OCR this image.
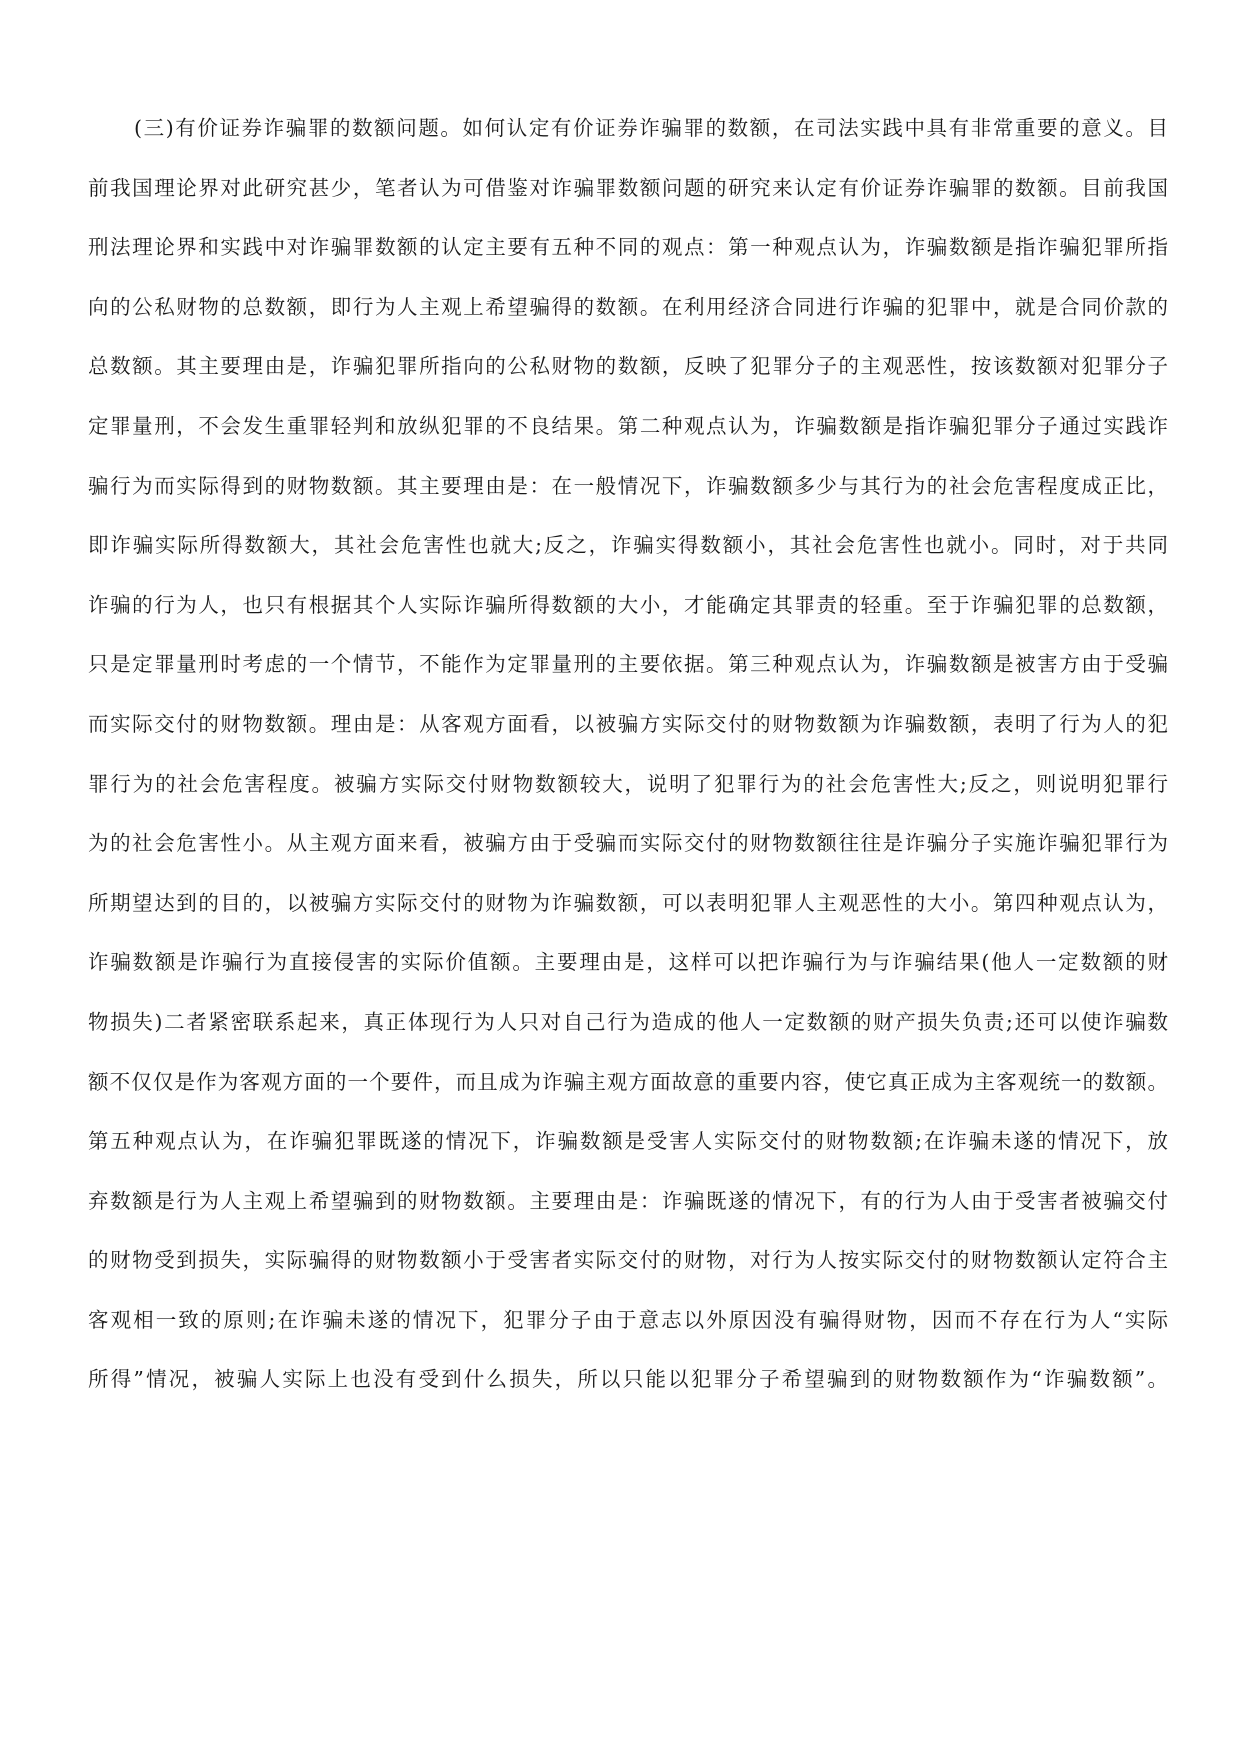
(三)有价证券诈骗罪的数额问题。如何认定有价证券诈骗罪的数额，在司法实践中具有非常重要的意义。目
前我国理论界对此研究甚少，笔者认为可借鉴对诈骗罪数额问题的研究来认定有价证券诈骗罪的数额。目前我国
刑法理论界和实践中对诈骗罪数额的认定主要有五种不同的观点：第一种观点认为，诈骗数额是指诈骗犯罪所指
向的公私财物的总数额，即行为人主观上希望骗得的数额。在利用经济合同进行诈骗的犯罪中，就是合同价款的
总数额。其主要理由是，诈骗犯罪所指向的公私财物的数额，反映了犯罪分子的主观恶性，按该数额对犯罪分子
定罪量刑，不会发生重罪轻判和放纵犯罪的不良结果。第二种观点认为，诈骗数额是指诈骗犯罪分子通过实践诈
骗行为而实际得到的财物数额。其主要理由是：在一般情况下，诈骗数额多少与其行为的社会危害程度成正比，
即诈骗实际所得数额大，其社会危害性也就大;反之，诈骗实得数额小，其社会危害性也就小。同时，对于共同
诈骗的行为人，也只有根据其个人实际诈骗所得数额的大小，才能确定其罪责的轻重。至于诈骗犯罪的总数额，
只是定罪量刑时考虑的一个情节，不能作为定罪量刑的主要依据。第三种观点认为，诈骗数额是被害方由于受骗
而实际交付的财物数额。理由是：从客观方面看，以被骗方实际交付的财物数额为诈骗数额，表明了行为人的犯
罪行为的社会危害程度。被骗方实际交付财物数额较大，说明了犯罪行为的社会危害性大;反之，则说明犯罪行
为的社会危害性小。从主观方面来看，被骗方由于受骗而实际交付的财物数额往往是诈骗分子实施诈骗犯罪行为
所期望达到的目的，以被骗方实际交付的财物为诈骗数额，可以表明犯罪人主观恶性的大小。第四种观点认为，
诈骗数额是诈骗行为直接侵害的实际价值额。主要理由是，这样可以把诈骗行为与诈骗结果(他人一定数额的财
物损失)二者紧密联系起来，真正体现行为人只对自己行为造成的他人一定数额的财产损失负责;还可以使诈骗数
额不仅仅是作为客观方面的一个要件，而且成为诈骗主观方面故意的重要内容，使它真正成为主客观统一的数额。
第五种观点认为，在诈骗犯罪既遂的情况下，诈骗数额是受害人实际交付的财物数额;在诈骗未遂的情况下，放
弃数额是行为人主观上希望骗到的财物数额。主要理由是：诈骗既遂的情况下，有的行为人由于受害者被骗交付
的财物受到损失，实际骗得的财物数额小于受害者实际交付的财物，对行为人按实际交付的财物数额认定符合主
客观相一致的原则;在诈骗未遂的情况下，犯罪分子由于意志以外原因没有骗得财物，因而不存在行为人“实际
所得”情况，被骗人实际上也没有受到什么损失，所以只能以犯罪分子希望骗到的财物数额作为“诈骗数额”。
